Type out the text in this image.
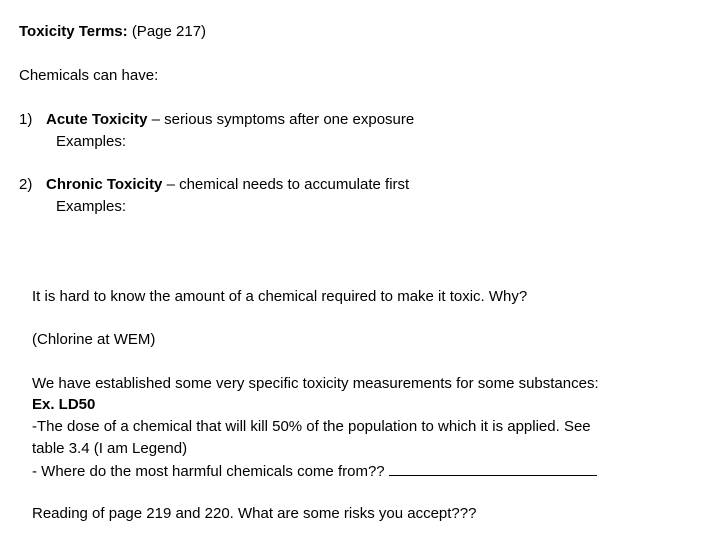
Toxicity Terms: (Page 217)
Chemicals can have:
1) Acute Toxicity – serious symptoms after one exposure
Examples:
2) Chronic Toxicity – chemical needs to accumulate first
Examples:
It is hard to know the amount of a chemical required to make it toxic. Why?
(Chlorine at WEM)
We have established some very specific toxicity measurements for some substances:
Ex. LD50
-The dose of a chemical that will kill 50% of the population to which it is applied. See
table 3.4 (I am Legend)
- Where do the most harmful chemicals come from??
Reading of page 219 and 220. What are some risks you accept???
